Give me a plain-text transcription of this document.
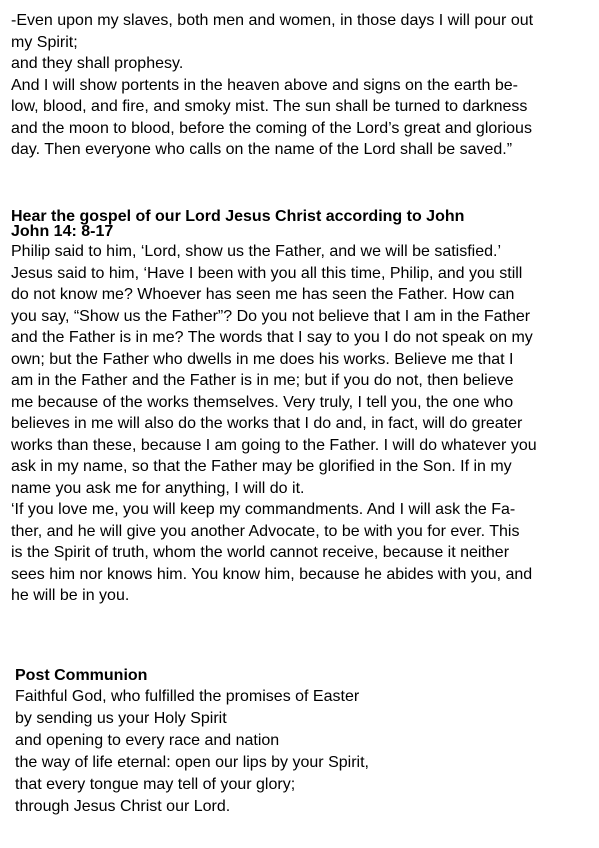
-Even upon my slaves, both men and women, in those days I will pour out
my Spirit;
and they shall prophesy.
And I will show portents in the heaven above and signs on the earth be-
low, blood, and fire, and smoky mist. The sun shall be turned to darkness
and the moon to blood, before the coming of the Lord’s great and glorious
day. Then everyone who calls on the name of the Lord shall be saved.”
Hear the gospel of our Lord Jesus Christ according to John
John 14: 8-17
Philip said to him, ‘Lord, show us the Father, and we will be satisfied.’
Jesus said to him, ‘Have I been with you all this time, Philip, and you still
do not know me? Whoever has seen me has seen the Father. How can
you say, “Show us the Father”? Do you not believe that I am in the Father
and the Father is in me? The words that I say to you I do not speak on my
own; but the Father who dwells in me does his works. Believe me that I
am in the Father and the Father is in me; but if you do not, then believe
me because of the works themselves. Very truly, I tell you, the one who
believes in me will also do the works that I do and, in fact, will do greater
works than these, because I am going to the Father. I will do whatever you
ask in my name, so that the Father may be glorified in the Son. If in my
name you ask me for anything, I will do it.
‘If you love me, you will keep my commandments. And I will ask the Fa-
ther, and he will give you another Advocate, to be with you for ever. This
is the Spirit of truth, whom the world cannot receive, because it neither
sees him nor knows him. You know him, because he abides with you, and
he will be in you.
Post Communion
Faithful God, who fulfilled the promises of Easter
by sending us your Holy Spirit
and opening to every race and nation
the way of life eternal: open our lips by your Spirit,
that every tongue may tell of your glory;
through Jesus Christ our Lord.
